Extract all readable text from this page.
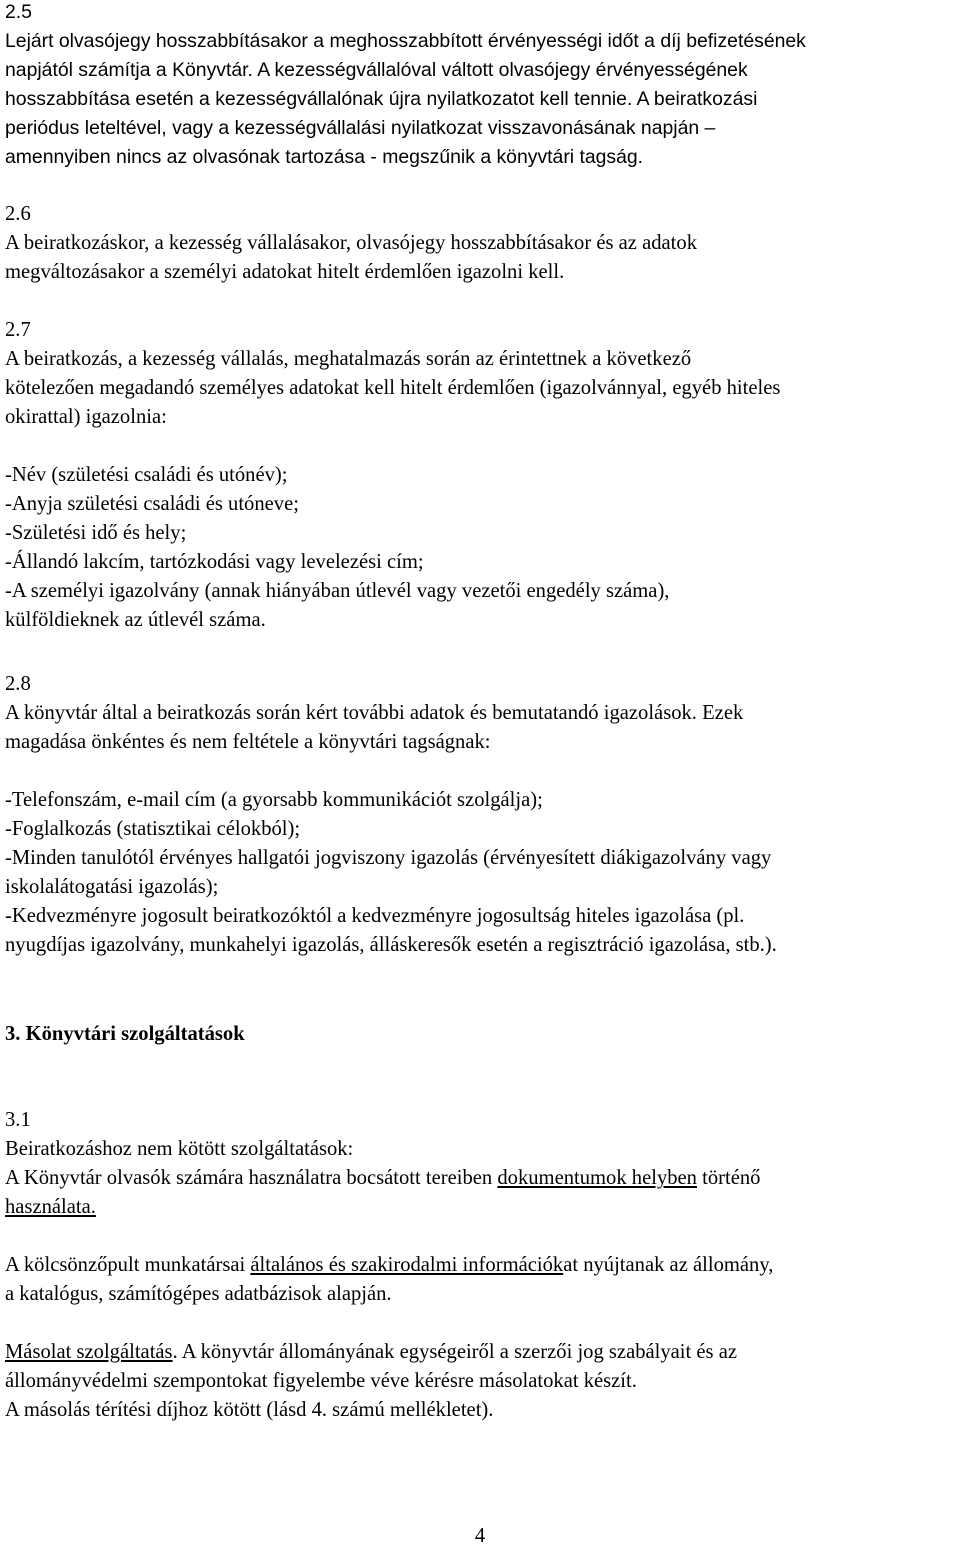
2.5
Lejárt olvasójegy hosszabbításakor a meghosszabbított érvényességi időt a díj befizetésének
napjától számítja a Könyvtár. A kezességvállalóval váltott olvasójegy érvényességének
hosszabbítása esetén a kezességvállalónak újra nyilatkozatot kell tennie. A beiratkozási
periódus leteltével, vagy a kezességvállalási nyilatkozat visszavonásának napján –
amennyiben nincs az olvasónak tartozása - megszűnik a könyvtári tagság.
2.6
A beiratkozáskor, a kezesség vállalásakor, olvasójegy hosszabbításakor és az adatok
megváltozásakor a személyi adatokat hitelt érdemlően igazolni kell.
2.7
A beiratkozás, a kezesség vállalás, meghatalmazás során az érintettnek a következő
kötelezően megadandó személyes adatokat kell hitelt érdemlően (igazolvánnyal, egyéb hiteles
okirattal) igazolnia:
-Név (születési családi és utónév);
-Anyja születési családi és utóneve;
-Születési idő és hely;
-Állandó lakcím, tartózkodási vagy levelezési cím;
-A személyi igazolvány (annak hiányában útlevél vagy vezetői engedély száma),
külföldieknek az útlevél száma.
2.8
A könyvtár által a beiratkozás során kért további adatok és bemutatandó igazolások. Ezek
magadása önkéntes és nem feltétele a könyvtári tagságnak:
-Telefonszám, e-mail cím (a gyorsabb kommunikációt szolgálja);
-Foglalkozás (statisztikai célokból);
-Minden tanulótól érvényes hallgatói jogviszony igazolás (érvényesített diákigazolvány vagy
iskolalátogatási igazolás);
-Kedvezményre jogosult beiratkozóktól a kedvezményre jogosultság hiteles igazolása (pl.
nyugdíjas igazolvány, munkahelyi igazolás, álláskeresők esetén a regisztráció igazolása, stb.).
3. Könyvtári szolgáltatások
3.1
Beiratkozáshoz nem kötött szolgáltatások:
A Könyvtár olvasók számára használatra bocsátott tereiben dokumentumok helyben történő
használata.
A kölcsönzőpult munkatársai általános és szakirodalmi információkat nyújtanak az állomány,
a katalógus, számítógépes adatbázisok alapján.
Másolat szolgáltatás. A könyvtár állományának egységeiről a szerzői jog szabályait és az
állományvédelmi szempontokat figyelembe véve kérésre másolatokat készít.
A másolás térítési díjhoz kötött (lásd 4. számú mellékletet).
4
